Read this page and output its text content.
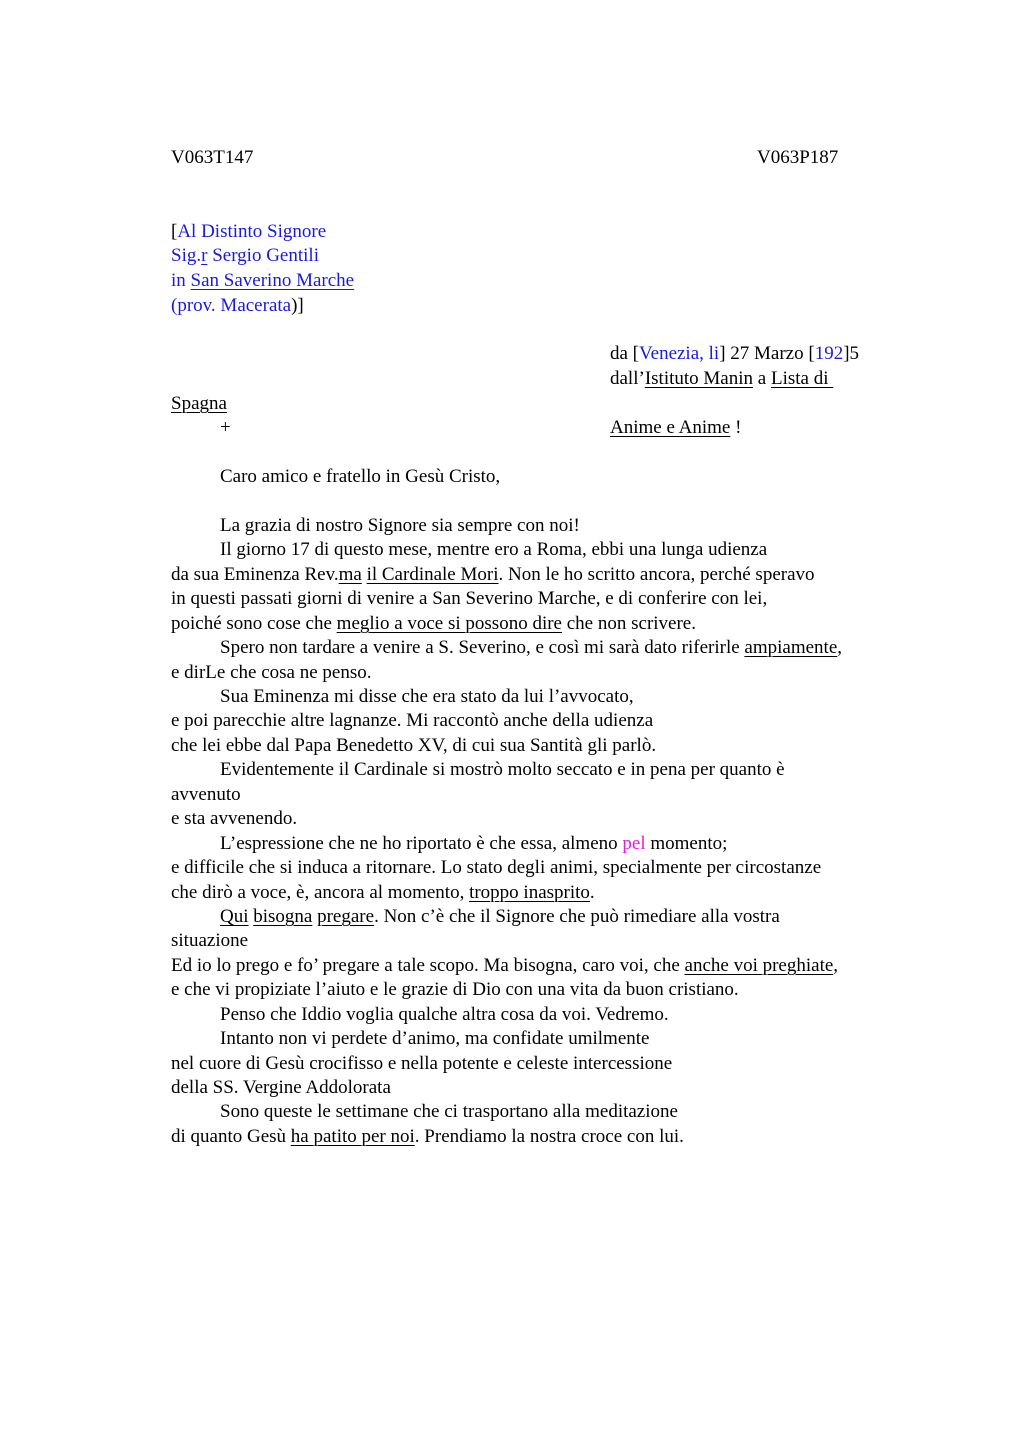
V063T147	V063P187
[Al Distinto Signore
Sig.r Sergio Gentili
in San Saverino Marche
(prov. Macerata)]
da [Venezia, li] 27 Marzo [192]5
dall’Istituto Manin a Lista di
Spagna
+	Anime e Anime !
Caro amico e fratello in Gesù Cristo,
La grazia di nostro Signore sia sempre con noi!
Il giorno 17 di questo mese, mentre ero a Roma, ebbi una lunga udienza
da sua Eminenza Rev.ma il Cardinale Mori. Non le ho scritto ancora, perché speravo
in questi passati giorni di venire a San Severino Marche, e di conferire con lei,
poiché sono cose che meglio a voce si possono dire che non scrivere.
Spero non tardare a venire a S. Severino, e così mi sarà dato riferirle ampiamente,
e dirLe che cosa ne penso.
Sua Eminenza mi disse che era stato da lui l’avvocato,
e poi parecchie altre lagnanze. Mi raccontò anche della udienza
che lei ebbe dal Papa Benedetto XV, di cui sua Santità gli parlò.
Evidentemente il Cardinale si mostrò molto seccato e in pena per quanto è
avvenuto
e sta avvenendo.
L’espressione che ne ho riportato è che essa, almeno pel momento;
e difficile che si induca a ritornare. Lo stato degli animi, specialmente per circostanze
che dirò a voce, è, ancora al momento, troppo inasprito.
Qui bisogna pregare. Non c’è che il Signore che può rimediare alla vostra
situazione
Ed io lo prego e fo’ pregare a tale scopo. Ma bisogna, caro voi, che anche voi preghiate,
e che vi propiziate l’aiuto e le grazie di Dio con una vita da buon cristiano.
Penso che Iddio voglia qualche altra cosa da voi. Vedremo.
Intanto non vi perdete d’animo, ma confidate umilmente
nel cuore di Gesù crocifisso e nella potente e celeste intercessione
della SS. Vergine Addolorata
Sono queste le settimane che ci trasportano alla meditazione
di quanto Gesù ha patito per noi. Prendiamo la nostra croce con lui.
